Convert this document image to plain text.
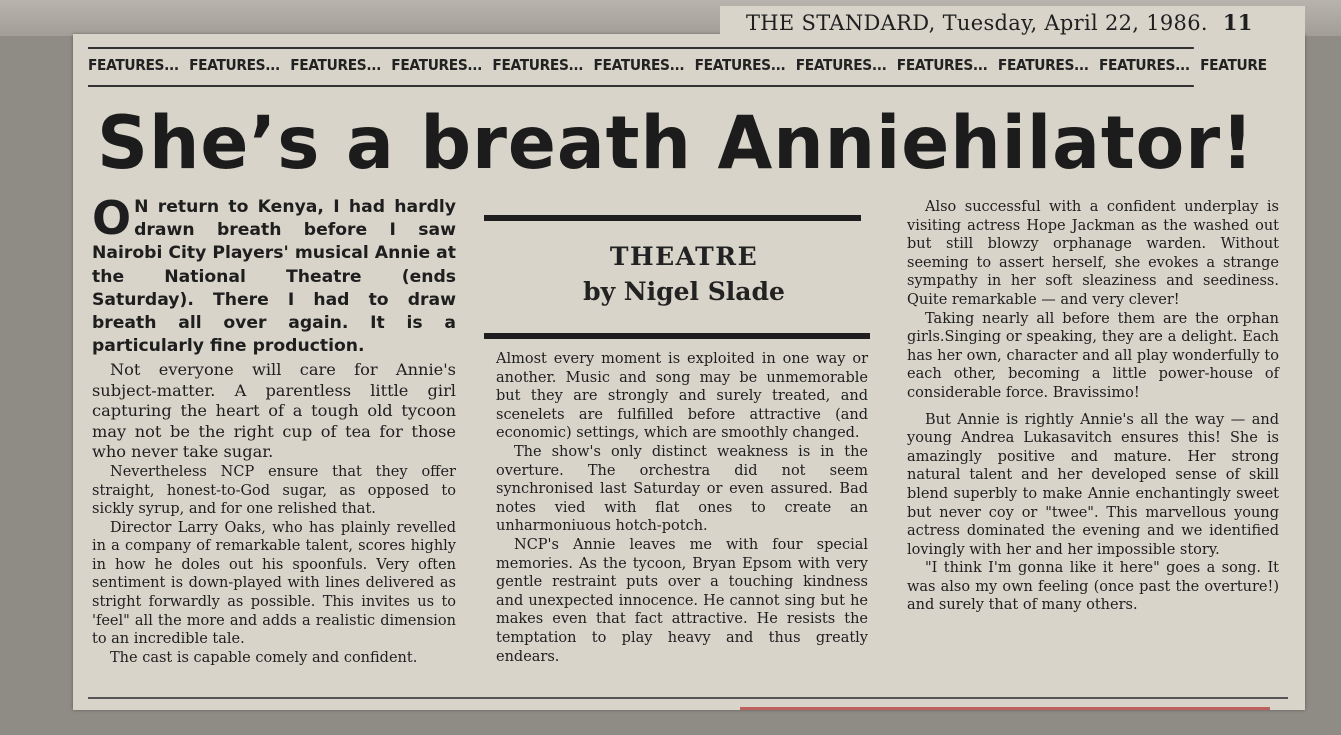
THE STANDARD, Tuesday, April 22, 1986. 11
FEATURES... FEATURES... FEATURES... FEATURES... FEATURES... FEATURES... FEATURES... FEATURES... FEATURES... FEATURES... FEATURES... FEATURE
She’s a breath Anniehilator!

O N return to Kenya, I had hardly drawn breath before I saw Nairobi City Players' musical Annie at the National Theatre (ends Saturday). There I had to draw breath all over again. It is a particularly fine production.

Not everyone will care for Annie's subject-matter. A parentless little girl capturing the heart of a tough old tycoon may not be the right cup of tea for those who never take sugar.

Nevertheless NCP ensure that they offer straight, honest-to-God sugar, as opposed to sickly syrup, and for one relished that.

Director Larry Oaks, who has plainly revelled in a company of remarkable talent, scores highly in how he doles out his spoonfuls. Very often sentiment is down-played with lines delivered as stright forwardly as possible. This invites us to 'feel" all the more and adds a realistic dimension to an incredible tale.

The cast is capable comely and confident.

THEATRE
by Nigel Slade

Almost every moment is exploited in one way or another. Music and song may be unmemorable but they are strongly and surely treated, and scenelets are fulfilled before attractive (and economic) settings, which are smoothly changed.

The show's only distinct weakness is in the overture. The orchestra did not seem synchronised last Saturday or even assured. Bad notes vied with flat ones to create an unharmoniuous hotch-potch.

NCP's Annie leaves me with four special memories. As the tycoon, Bryan Epsom with very gentle restraint puts over a touching kindness and unexpected innocence. He cannot sing but he makes even that fact attractive. He resists the temptation to play heavy and thus greatly endears.

Also successful with a confident underplay is visiting actress Hope Jackman as the washed out but still blowzy orphanage warden. Without seeming to assert herself, she evokes a strange sympathy in her soft sleaziness and seediness. Quite remarkable — and very clever!

Taking nearly all before them are the orphan girls.Singing or speaking, they are a delight. Each has her own, character and all play wonderfully to each other, becoming a little power-house of considerable force. Bravissimo!

But Annie is rightly Annie's all the way — and young Andrea Lukasavitch ensures this! She is amazingly positive and mature. Her strong natural talent and her developed sense of skill blend superbly to make Annie enchantingly sweet but never coy or "twee". This marvellous young actress dominated the evening and we identified lovingly with her and her impossible story.

"I think I'm gonna like it here" goes a song. It was also my own feeling (once past the overture!) and surely that of many others.
